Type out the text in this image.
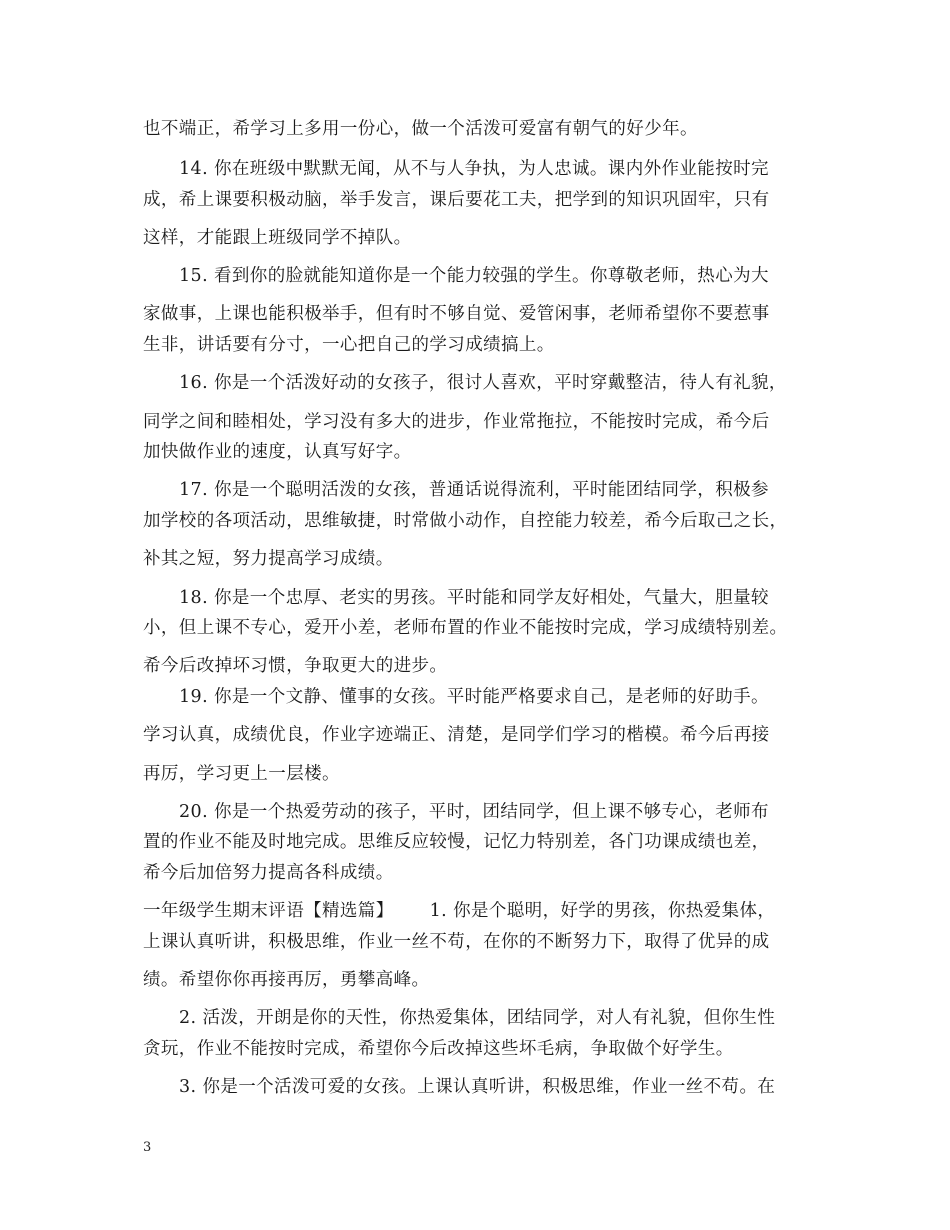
也不端正，希学习上多用一份心，做一个活泼可爱富有朝气的好少年。
14. 你在班级中默默无闻，从不与人争执，为人忠诚。课内外作业能按时完
成，希上课要积极动脑，举手发言，课后要花工夫，把学到的知识巩固牢，只有
这样，才能跟上班级同学不掉队。
15. 看到你的脸就能知道你是一个能力较强的学生。你尊敬老师，热心为大
家做事，上课也能积极举手，但有时不够自觉、爱管闲事，老师希望你不要惹事
生非，讲话要有分寸，一心把自己的学习成绩搞上。
16. 你是一个活泼好动的女孩子，很讨人喜欢，平时穿戴整洁，待人有礼貌，
同学之间和睦相处，学习没有多大的进步，作业常拖拉，不能按时完成，希今后
加快做作业的速度，认真写好字。
17. 你是一个聪明活泼的女孩，普通话说得流利，平时能团结同学，积极参
加学校的各项活动，思维敏捷，时常做小动作，自控能力较差，希今后取己之长，
补其之短，努力提高学习成绩。
18. 你是一个忠厚、老实的男孩。平时能和同学友好相处，气量大，胆量较
小，但上课不专心，爱开小差，老师布置的作业不能按时完成，学习成绩特别差。
希今后改掉坏习惯，争取更大的进步。
19. 你是一个文静、懂事的女孩。平时能严格要求自己，是老师的好助手。
学习认真，成绩优良，作业字迹端正、清楚，是同学们学习的楷模。希今后再接
再厉，学习更上一层楼。
20. 你是一个热爱劳动的孩子，平时，团结同学，但上课不够专心，老师布
置的作业不能及时地完成。思维反应较慢，记忆力特别差，各门功课成绩也差，
希今后加倍努力提高各科成绩。
一年级学生期末评语【精选篇】 1. 你是个聪明，好学的男孩，你热爱集体，
上课认真听讲，积极思维，作业一丝不苟，在你的不断努力下，取得了优异的成
绩。希望你你再接再厉，勇攀高峰。
2. 活泼，开朗是你的天性，你热爱集体，团结同学，对人有礼貌，但你生性
贪玩，作业不能按时完成，希望你今后改掉这些坏毛病，争取做个好学生。
3. 你是一个活泼可爱的女孩。上课认真听讲，积极思维，作业一丝不苟。在
3
